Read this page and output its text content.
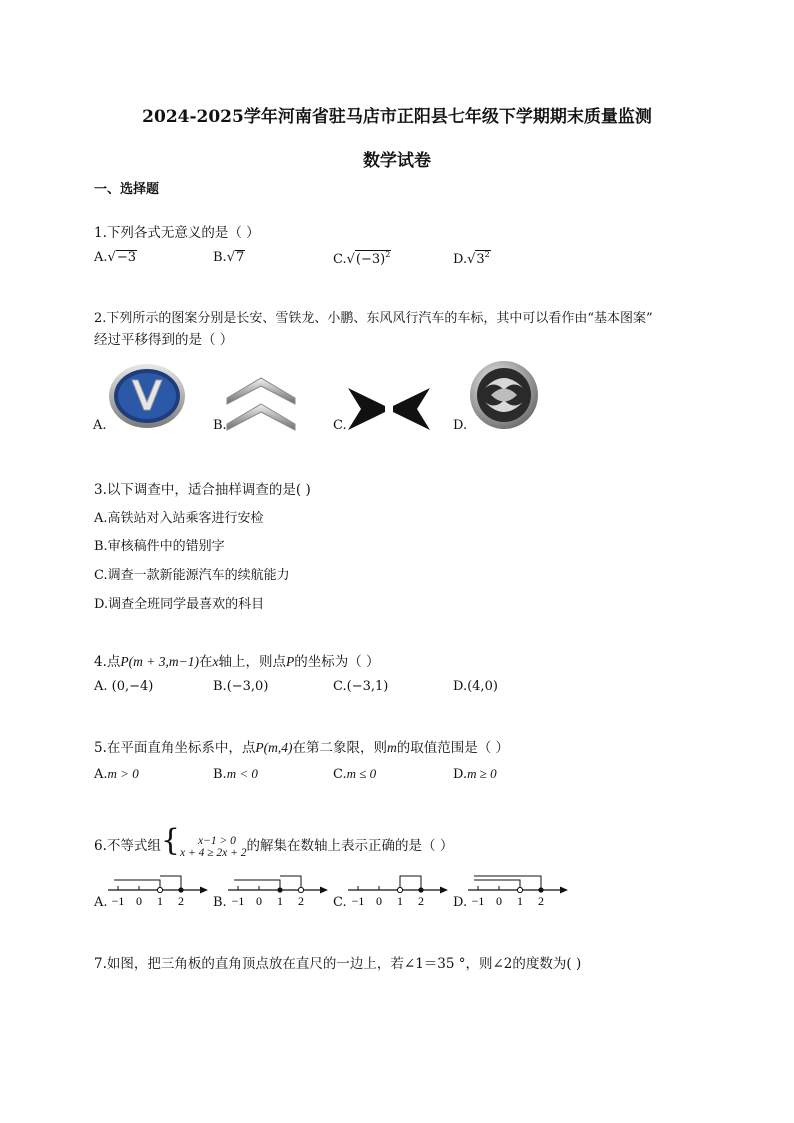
2024-2025学年河南省驻马店市正阳县七年级下学期期末质量监测
数学试卷
一、选择题
1.下列各式无意义的是（ ）
A.√−3	B.√7	$C.√(-3)^2$	$D.√3^2$
2.下列所示的图案分别是长安、雪铁龙、小鹏、东风风行汽车的车标，其中可以看作由“基本图案”
经过平移得到的是（ ）
A.	B.	C.	D.
3.以下调查中，适合抽样调查的是( )
A.高铁站对入站乘客进行安检
B.审核稿件中的错别字
C.调查一款新能源汽车的续航能力
D.调查全班同学最喜欢的科目
4.点P(m + 3,m−1)在x轴上，则点P的坐标为（ ）
A. (0,−4)	B.(−3,0)	C.(−3,1)	D.(4,0)
5.在平面直角坐标系中，点P(m,4)在第二象限，则m的取值范围是（ ）
A.m > 0	B.m < 0	C.m ≤ 0	D.m ≥ 0
6.不等式组{	x−1 > 0
x + 4 ≥ 2x + 2 的解集在数轴上表示正确的是（ ）
A. −1 0 1 2 B. −1 0 1 2 C. −1 0 1 2 D. −1 0 1 2
7.如图，把三角板的直角顶点放在直尺的一边上，若∠1＝35 °，则∠2的度数为( )
